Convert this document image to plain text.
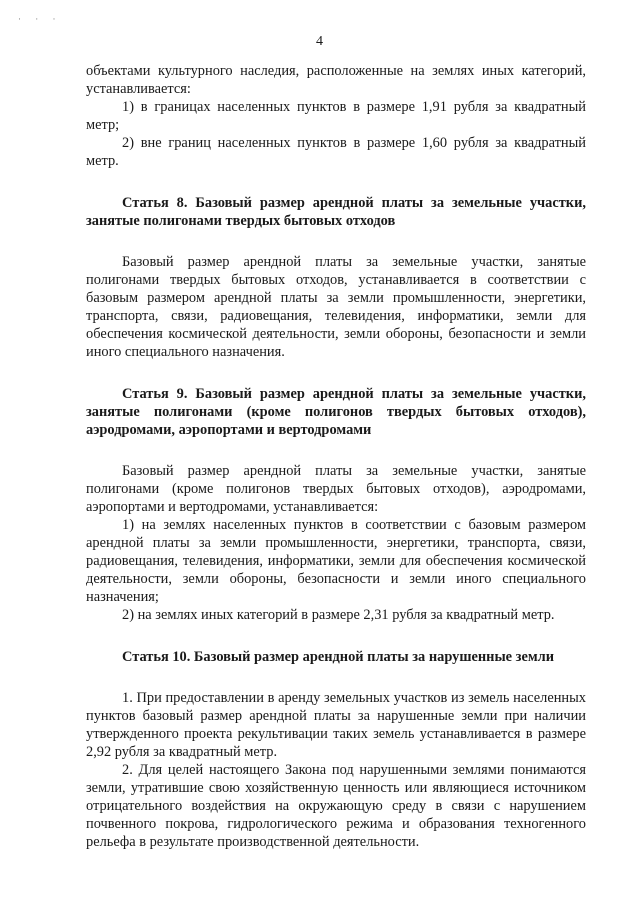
· · ·
4

объектами культурного наследия, расположенные на землях иных категорий, устанавливается:

1) в границах населенных пунктов в размере 1,91 рубля за квадратный метр;

2) вне границ населенных пунктов в размере 1,60 рубля за квадратный метр.

Статья 8. Базовый размер арендной платы за земельные участки, занятые полигонами твердых бытовых отходов

Базовый размер арендной платы за земельные участки, занятые полигонами твердых бытовых отходов, устанавливается в соответствии с базовым размером арендной платы за земли промышленности, энергетики, транспорта, связи, радиовещания, телевидения, информатики, земли для обеспечения космической деятельности, земли обороны, безопасности и земли иного специального назначения.

Статья 9. Базовый размер арендной платы за земельные участки, занятые полигонами (кроме полигонов твердых бытовых отходов), аэродромами, аэропортами и вертодромами

Базовый размер арендной платы за земельные участки, занятые полигонами (кроме полигонов твердых бытовых отходов), аэродромами, аэропортами и вертодромами, устанавливается:

1) на землях населенных пунктов в соответствии с базовым размером арендной платы за земли промышленности, энергетики, транспорта, связи, радиовещания, телевидения, информатики, земли для обеспечения космической деятельности, земли обороны, безопасности и земли иного специального назначения;

2) на землях иных категорий в размере 2,31 рубля за квадратный метр.

Статья 10. Базовый размер арендной платы за нарушенные земли

1. При предоставлении в аренду земельных участков из земель населенных пунктов базовый размер арендной платы за нарушенные земли при наличии утвержденного проекта рекультивации таких земель устанавливается в размере 2,92 рубля за квадратный метр.

2. Для целей настоящего Закона под нарушенными землями понимаются земли, утратившие свою хозяйственную ценность или являющиеся источником отрицательного воздействия на окружающую среду в связи с нарушением почвенного покрова, гидрологического режима и образования техногенного рельефа в результате производственной деятельности.
